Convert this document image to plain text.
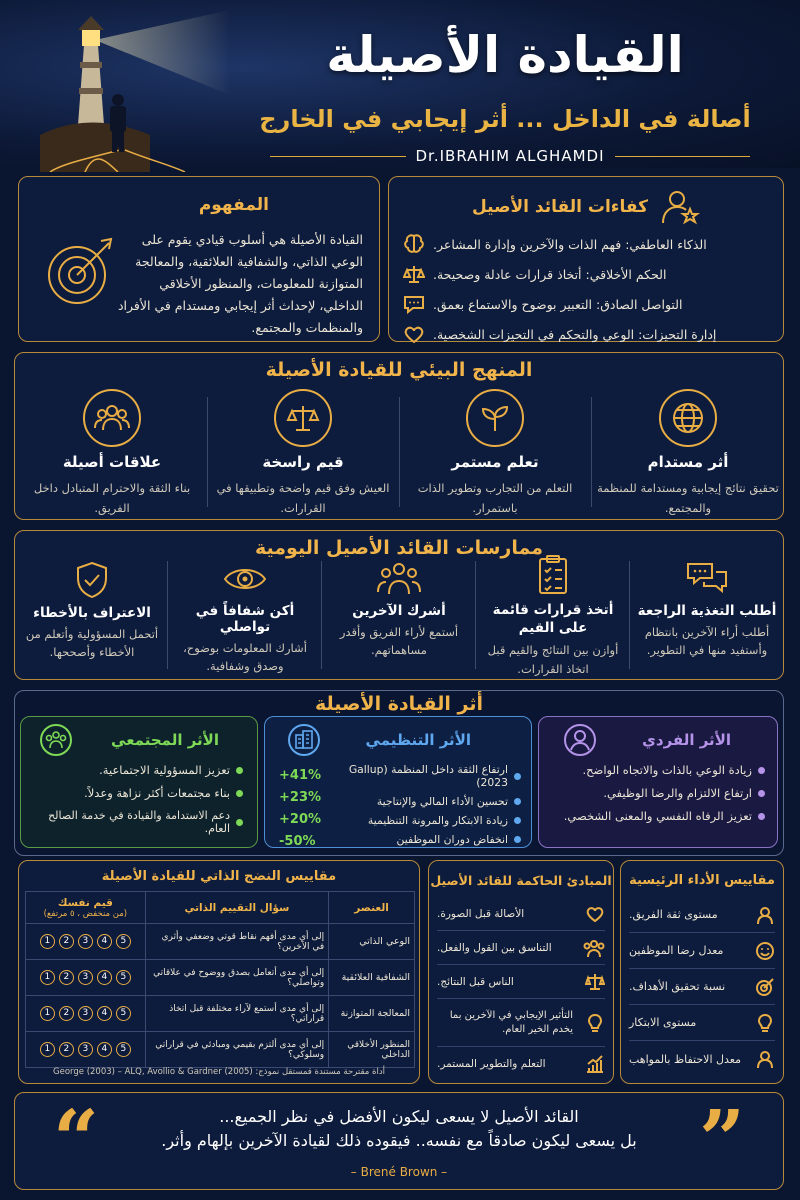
القيادة الأصيلة
أصالة في الداخل ... أثر إيجابي في الخارج
Dr.IBRAHIM ALGHAMDI
المفهوم
القيادة الأصيلة هي أسلوب قيادي يقوم على الوعي الذاتي، والشفافية العلائقية، والمعالجة المتوازنة للمعلومات، والمنظور الأخلاقي الداخلي، لإحداث أثر إيجابي ومستدام في الأفراد والمنظمات والمجتمع.
كفاءات القائد الأصيل
الذكاء العاطفي: فهم الذات والآخرين وإدارة المشاعر.
الحكم الأخلاقي: أتخاذ قرارات عادلة وصحيحة.
التواصل الصادق: التعبير بوضوح والاستماع بعمق.
إدارة التحيزات: الوعي والتحكم في التحيزات الشخصية.
المنهج البيئي للقيادة الأصيلة
أثر مستدام
تحقيق نتائج إيجابية ومستدامة للمنظمة والمجتمع.
تعلم مستمر
التعلم من التجارب وتطوير الذات باستمرار.
قيم راسخة
العيش وفق قيم واضحة وتطبيقها في القرارات.
علاقات أصيلة
بناء الثقة والاحترام المتبادل داخل الفريق.
ممارسات القائد الأصيل اليومية
أطلب التغذية الراجعة
أطلب أراء الآخرين بانتظام وأستفيد منها في التطوير.
أتخذ قرارات قائمة على القيم
أوازن بين النتائج والقيم قبل اتخاذ القرارات.
أشرك الآخرين
أستمع لأراء الفريق وأقدر مساهماتهم.
أكن شفافاً في تواصلي
أشارك المعلومات بوضوح، وصدق وشفافية.
الاعتراف بالأخطاء
أتحمل المسؤولية وأتعلم من الأخطاء وأصححها.
أثر القيادة الأصيلة
الأثر الفردي
زيادة الوعي بالذات والاتجاه الواضح.
ارتفاع الالتزام والرضا الوظيفي.
تعزيز الرفاه النفسي والمعنى الشخصي.
الأثر التنظيمي
ارتفاع الثقة داخل المنظمة (Gallup 2023)
تحسين الأداء المالي والإنتاجية
زيادة الابتكار والمرونة التنظيمية
انخفاض دوران الموظفين
+41%
+23%
+20%
-50%
الأثر المجتمعي
تعزيز المسؤولية الاجتماعية.
بناء مجتمعات أكثر نزاهة وعدلاً.
دعم الاستدامة والقيادة في خدمة الصالح العام.
مقاييس الأداء الرئيسية
مستوى ثقة الفريق.
معدل رضا الموظفين
نسبة تحقيق الأهداف.
مستوى الابتكار
معدل الاحتفاظ بالمواهب
المبادئ الحاكمة للقائد الأصيل
الأصالة قبل الصورة.
التناسق بين القول والفعل.
الناس قبل النتائج.
التأثير الإيجابي في الآخرين بما يخدم الخير العام.
التعلم والتطوير المستمر.
مقاييس النضج الذاتي للقيادة الأصيلة
العنصر	سؤال التقييم الذاتي	قيم نفسك
(من منخفض ، ٥ مرتفع)

الوعي الذاتي	إلى أي مدى أفهم نقاط قوتي وضعفي وأثري في الآخرين؟	1 2 3 4 5
الشفافية العلائقية	إلى أي مدى أتعامل بصدق ووضوح في علاقاتي وتواصلي؟	1 2 3 4 5
المعالجة المتوازنة	إلى أي مدى أستمع لآراء مختلفة قبل اتخاذ قراراتي؟	1 2 3 4 5
المنظور الأخلاقي الداخلي	إلى أي مدى ألتزم بقيمي ومبادئي في قراراتي وسلوكي؟	1 2 3 4 5
أداة مقترحة مستندة قمستقل نموذج: George (2003) – ALQ, Avollio & Gardner (2005)
”
“	القائد الأصيل لا يسعى ليكون الأفضل في نظر الجميع...
بل يسعى ليكون صادقاً مع نفسه.. فيقوده ذلك لقيادة الآخرين بإلهام وأثر.
– Brené Brown –
